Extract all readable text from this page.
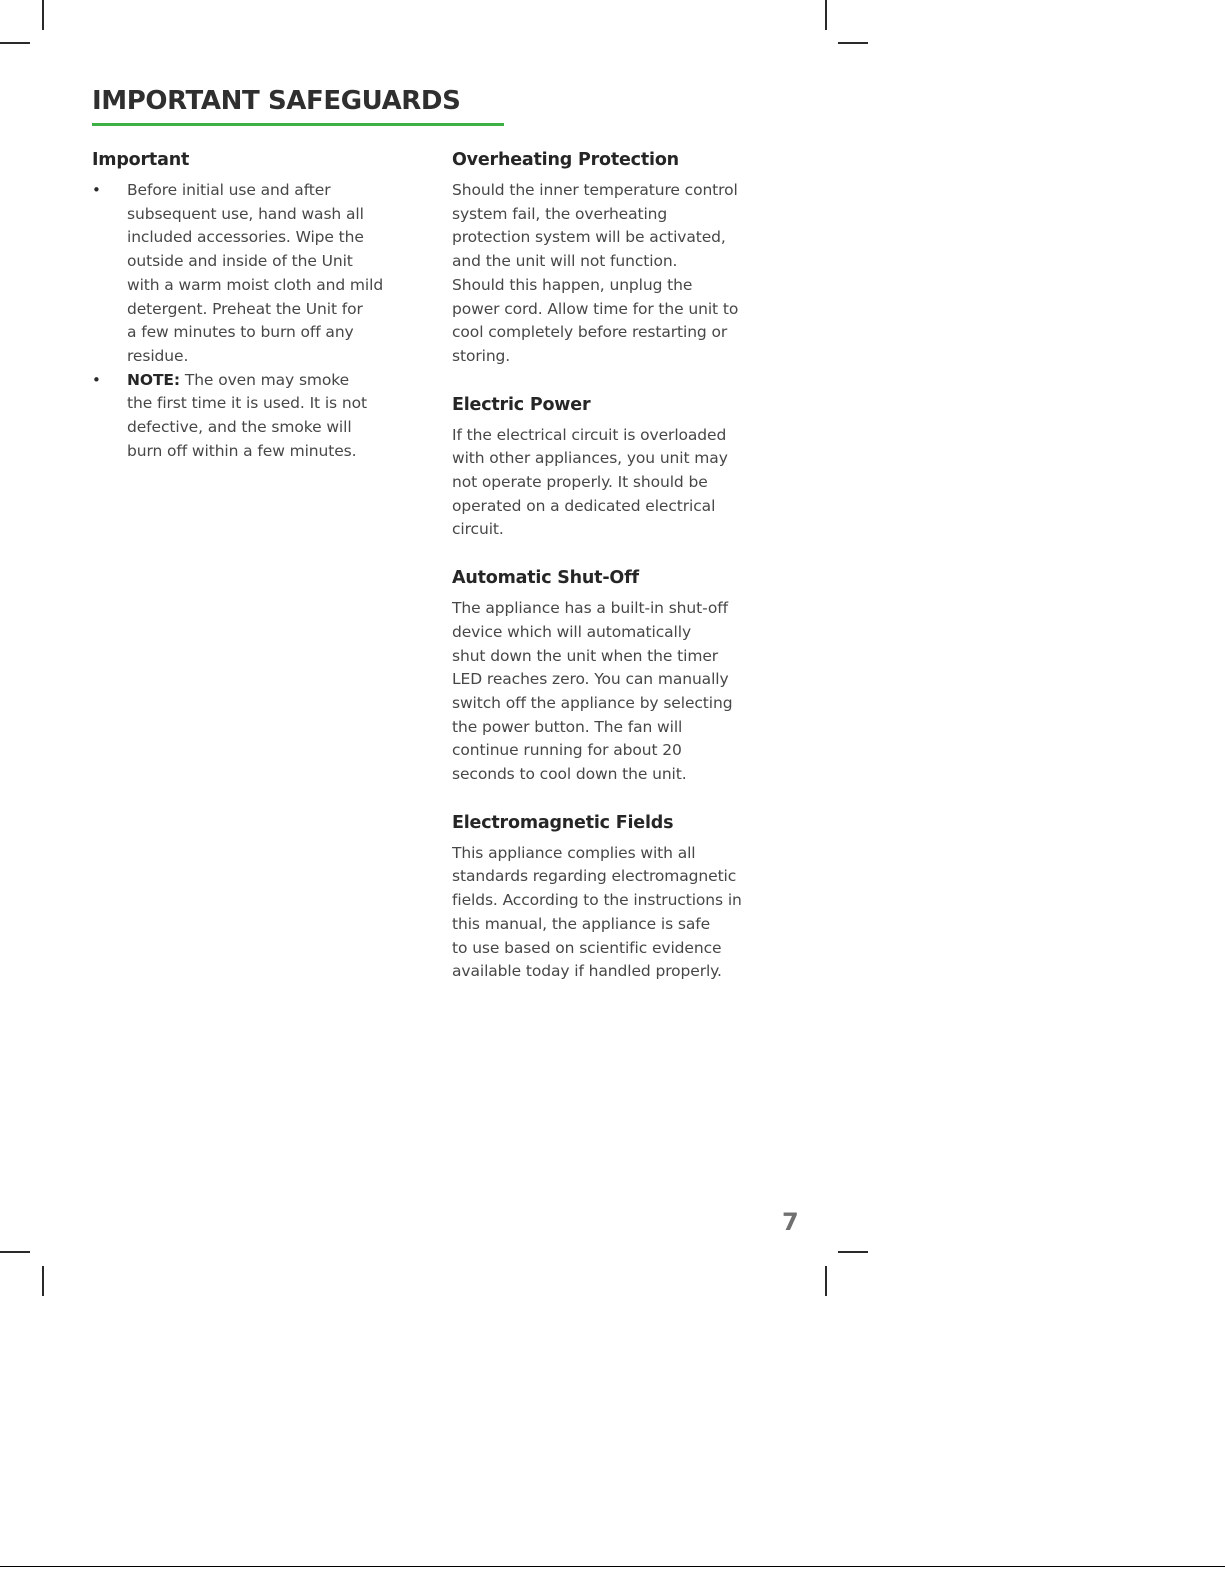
IMPORTANT SAFEGUARDS
Important
• Before initial use and after
subsequent use, hand wash all
included accessories. Wipe the
outside and inside of the Unit
with a warm moist cloth and mild
detergent. Preheat the Unit for
a few minutes to burn off any
residue.
• NOTE: The oven may smoke
the first time it is used. It is not
defective, and the smoke will
burn off within a few minutes.
Overheating Protection
Should the inner temperature control
system fail, the overheating
protection system will be activated,
and the unit will not function.
Should this happen, unplug the
power cord. Allow time for the unit to
cool completely before restarting or
storing.
Electric Power
If the electrical circuit is overloaded
with other appliances, you unit may
not operate properly. It should be
operated on a dedicated electrical
circuit.
Automatic Shut-Off
The appliance has a built-in shut-off
device which will automatically
shut down the unit when the timer
LED reaches zero. You can manually
switch off the appliance by selecting
the power button. The fan will
continue running for about 20
seconds to cool down the unit.
Electromagnetic Fields
This appliance complies with all
standards regarding electromagnetic
fields. According to the instructions in
this manual, the appliance is safe
to use based on scientific evidence
available today if handled properly.
7
